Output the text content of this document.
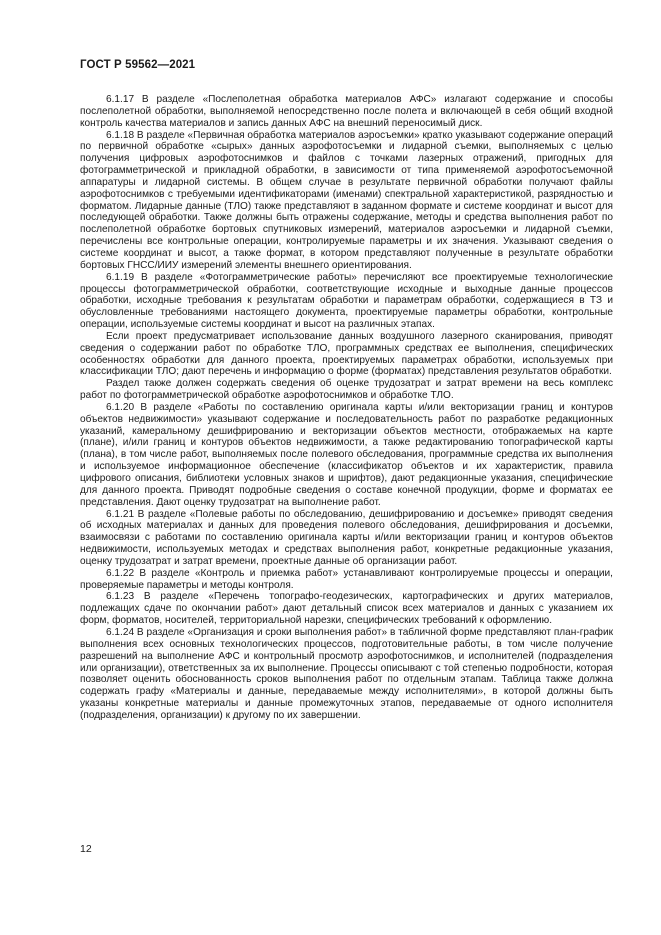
ГОСТ Р 59562—2021

6.1.17 В разделе «Послеполетная обработка материалов АФС» излагают содержание и способы послеполетной обработки, выполняемой непосредственно после полета и включающей в себя общий входной контроль качества материалов и запись данных АФС на внешний переносимый диск.

6.1.18 В разделе «Первичная обработка материалов аэросъемки» кратко указывают содержание операций по первичной обработке «сырых» данных аэрофотосъемки и лидарной съемки, выполняемых с целью получения цифровых аэрофотоснимков и файлов с точками лазерных отражений, пригодных для фотограмметрической и прикладной обработки, в зависимости от типа применяемой аэрофотосъемочной аппаратуры и лидарной системы. В общем случае в результате первичной обработки получают файлы аэрофотоснимков с требуемыми идентификаторами (именами) спектральной характеристикой, разрядностью и форматом. Лидарные данные (ТЛО) также представляют в заданном формате и системе координат и высот для последующей обработки. Также должны быть отражены содержание, методы и средства выполнения работ по послеполетной обработке бортовых спутниковых измерений, материалов аэросъемки и лидарной съемки, перечислены все контрольные операции, контролируемые параметры и их значения. Указывают сведения о системе координат и высот, а также формат, в котором представляют полученные в результате обработки бортовых ГНСС/ИИУ измерений элементы внешнего ориентирования.

6.1.19 В разделе «Фотограмметрические работы» перечисляют все проектируемые технологические процессы фотограмметрической обработки, соответствующие исходные и выходные данные процессов обработки, исходные требования к результатам обработки и параметрам обработки, содержащиеся в ТЗ и обусловленные требованиями настоящего документа, проектируемые параметры обработки, контрольные операции, используемые системы координат и высот на различных этапах.

Если проект предусматривает использование данных воздушного лазерного сканирования, приводят сведения о содержании работ по обработке ТЛО, программных средствах ее выполнения, специфических особенностях обработки для данного проекта, проектируемых параметрах обработки, используемых при классификации ТЛО; дают перечень и информацию о форме (форматах) представления результатов обработки.

Раздел также должен содержать сведения об оценке трудозатрат и затрат времени на весь комплекс работ по фотограмметрической обработке аэрофотоснимков и обработке ТЛО.

6.1.20 В разделе «Работы по составлению оригинала карты и/или векторизации границ и контуров объектов недвижимости» указывают содержание и последовательность работ по разработке редакционных указаний, камеральному дешифрированию и векторизации объектов местности, отображаемых на карте (плане), и/или границ и контуров объектов недвижимости, а также редактированию топографической карты (плана), в том числе работ, выполняемых после полевого обследования, программные средства их выполнения и используемое информационное обеспечение (классификатор объектов и их характеристик, правила цифрового описания, библиотеки условных знаков и шрифтов), дают редакционные указания, специфические для данного проекта. Приводят подробные сведения о составе конечной продукции, форме и форматах ее представления. Дают оценку трудозатрат на выполнение работ.

6.1.21 В разделе «Полевые работы по обследованию, дешифрированию и досъемке» приводят сведения об исходных материалах и данных для проведения полевого обследования, дешифрирования и досъемки, взаимосвязи с работами по составлению оригинала карты и/или векторизации границ и контуров объектов недвижимости, используемых методах и средствах выполнения работ, конкретные редакционные указания, оценку трудозатрат и затрат времени, проектные данные об организации работ.

6.1.22 В разделе «Контроль и приемка работ» устанавливают контролируемые процессы и операции, проверяемые параметры и методы контроля.

6.1.23 В разделе «Перечень топографо-геодезических, картографических и других материалов, подлежащих сдаче по окончании работ» дают детальный список всех материалов и данных с указанием их форм, форматов, носителей, территориальной нарезки, специфических требований к оформлению.

6.1.24 В разделе «Организация и сроки выполнения работ» в табличной форме представляют план-график выполнения всех основных технологических процессов, подготовительные работы, в том числе получение разрешений на выполнение АФС и контрольный просмотр аэрофотоснимков, и исполнителей (подразделения или организации), ответственных за их выполнение. Процессы описывают с той степенью подробности, которая позволяет оценить обоснованность сроков выполнения работ по отдельным этапам. Таблица также должна содержать графу «Материалы и данные, передаваемые между исполнителями», в которой должны быть указаны конкретные материалы и данные промежуточных этапов, передаваемые от одного исполнителя (подразделения, организации) к другому по их завершении.

12
